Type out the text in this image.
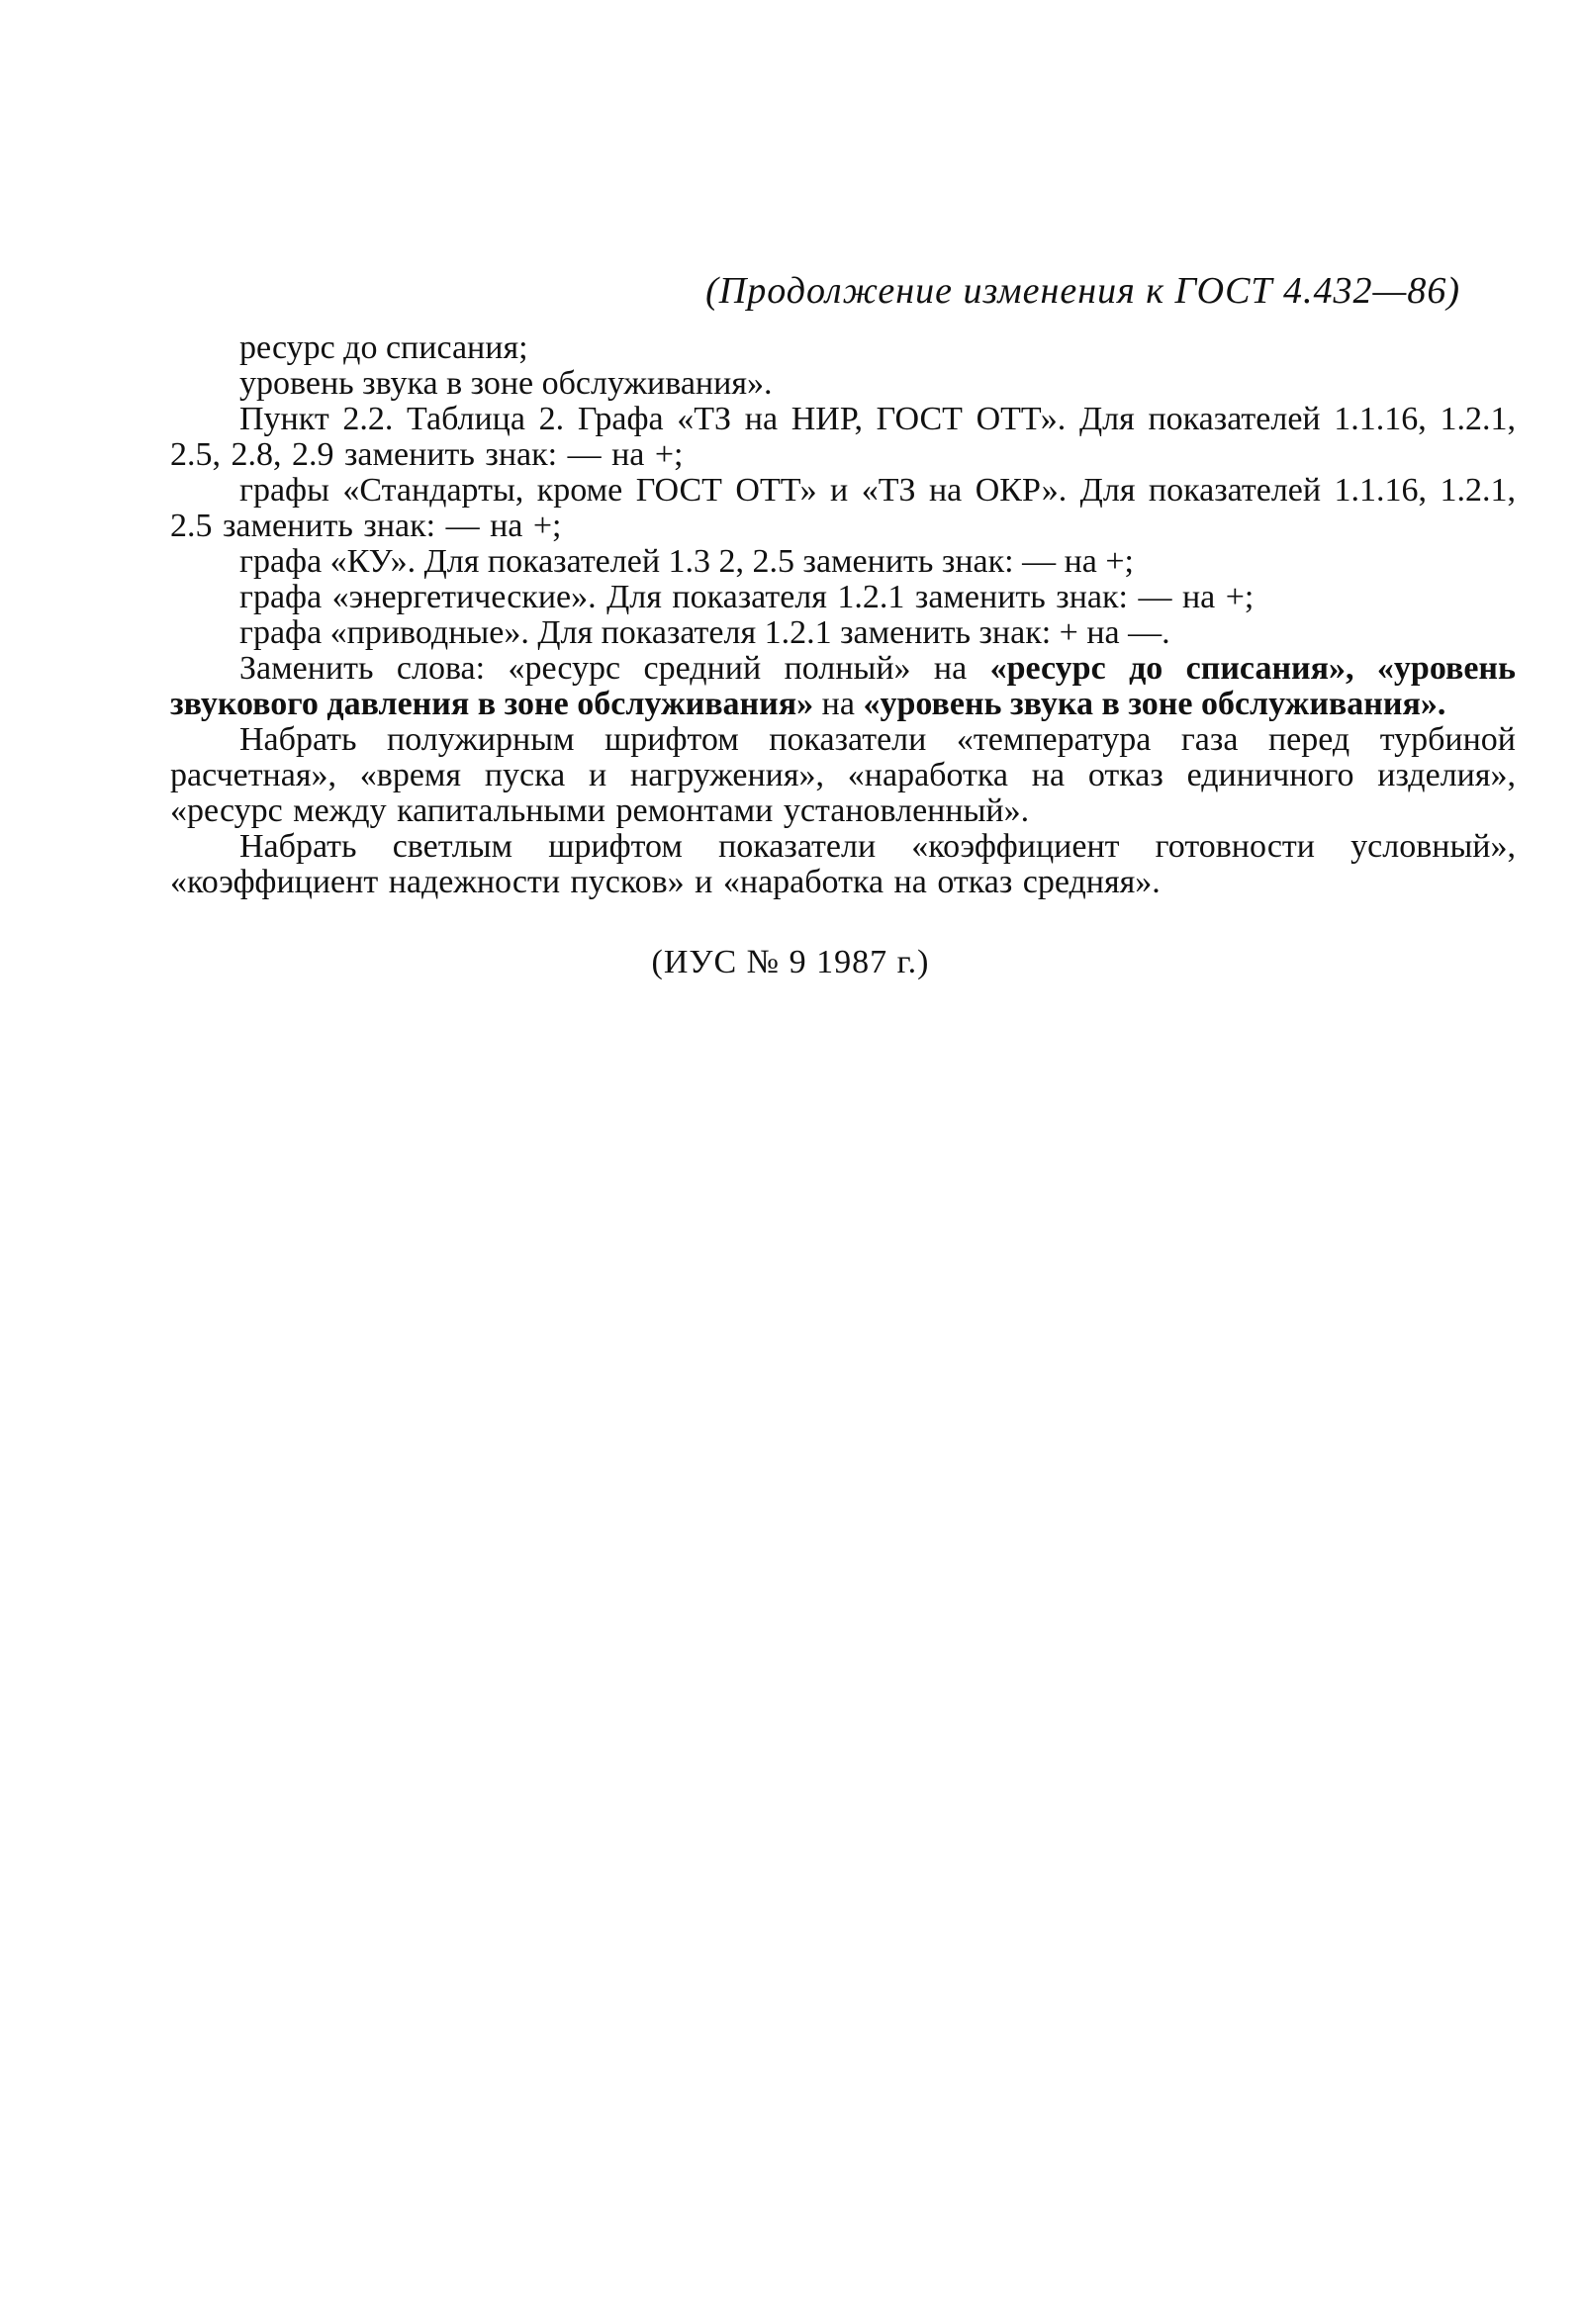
(Продолжение изменения к ГОСТ 4.432—86)

ресурс до списания;

уровень звука в зоне обслуживания».

Пункт 2.2. Таблица 2. Графа «ТЗ на НИР, ГОСТ ОТТ». Для показателей 1.1.16, 1.2.1, 2.5, 2.8, 2.9 заменить знак: — на +;

графы «Стандарты, кроме ГОСТ ОТТ» и «ТЗ на ОКР». Для показателей 1.1.16, 1.2.1, 2.5 заменить знак: — на +;

графа «КУ». Для показателей 1.3 2, 2.5 заменить знак: — на +;

графа «энергетические». Для показателя 1.2.1 заменить знак: — на +;

графа «приводные». Для показателя 1.2.1 заменить знак: + на —.

Заменить слова: «ресурс средний полный» на «ресурс до списания», «уровень звукового давления в зоне обслуживания» на «уровень звука в зоне обслуживания».

Набрать полужирным шрифтом показатели «температура газа перед турбиной расчетная», «время пуска и нагружения», «наработка на отказ единичного изделия», «ресурс между капитальными ремонтами установленный».

Набрать светлым шрифтом показатели «коэффициент готовности условный», «коэффициент надежности пусков» и «наработка на отказ средняя».

(ИУС № 9 1987 г.)
